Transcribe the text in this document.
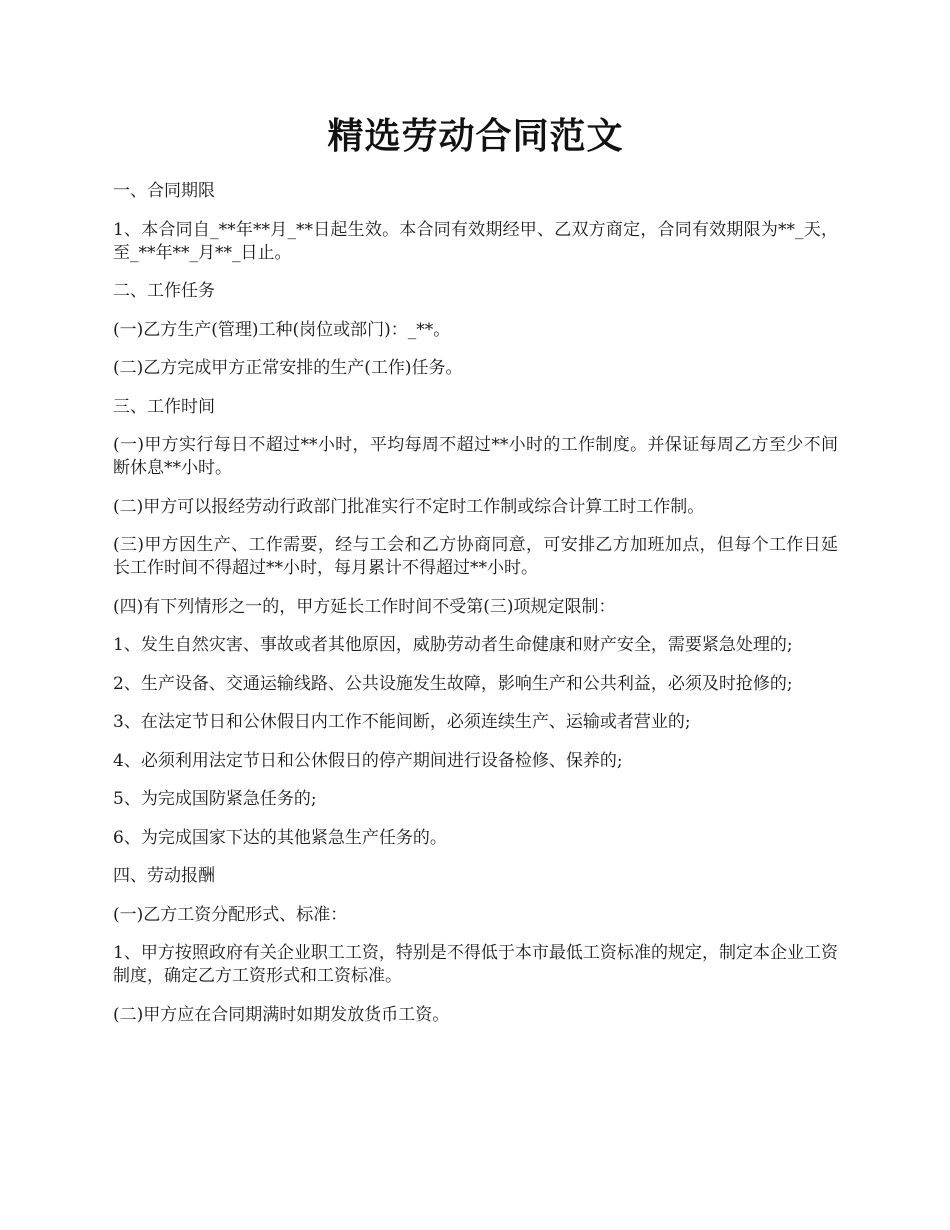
精选劳动合同范文

一、合同期限

1、本合同自_**年**月_**日起生效。本合同有效期经甲、乙双方商定，合同有效期限为**_天，至_**年**_月**_日止。

二、工作任务

(一)乙方生产(管理)工种(岗位或部门)：_**。

(二)乙方完成甲方正常安排的生产(工作)任务。

三、工作时间

(一)甲方实行每日不超过**小时，平均每周不超过**小时的工作制度。并保证每周乙方至少不间断休息**小时。

(二)甲方可以报经劳动行政部门批准实行不定时工作制或综合计算工时工作制。

(三)甲方因生产、工作需要，经与工会和乙方协商同意，可安排乙方加班加点，但每个工作日延长工作时间不得超过**小时，每月累计不得超过**小时。

(四)有下列情形之一的，甲方延长工作时间不受第(三)项规定限制：

1、发生自然灾害、事故或者其他原因，威胁劳动者生命健康和财产安全，需要紧急处理的;

2、生产设备、交通运输线路、公共设施发生故障，影响生产和公共利益，必须及时抢修的;

3、在法定节日和公休假日内工作不能间断，必须连续生产、运输或者营业的;

4、必须利用法定节日和公休假日的停产期间进行设备检修、保养的;

5、为完成国防紧急任务的;

6、为完成国家下达的其他紧急生产任务的。

四、劳动报酬

(一)乙方工资分配形式、标准：

1、甲方按照政府有关企业职工工资，特别是不得低于本市最低工资标准的规定，制定本企业工资制度，确定乙方工资形式和工资标准。

(二)甲方应在合同期满时如期发放货币工资。
